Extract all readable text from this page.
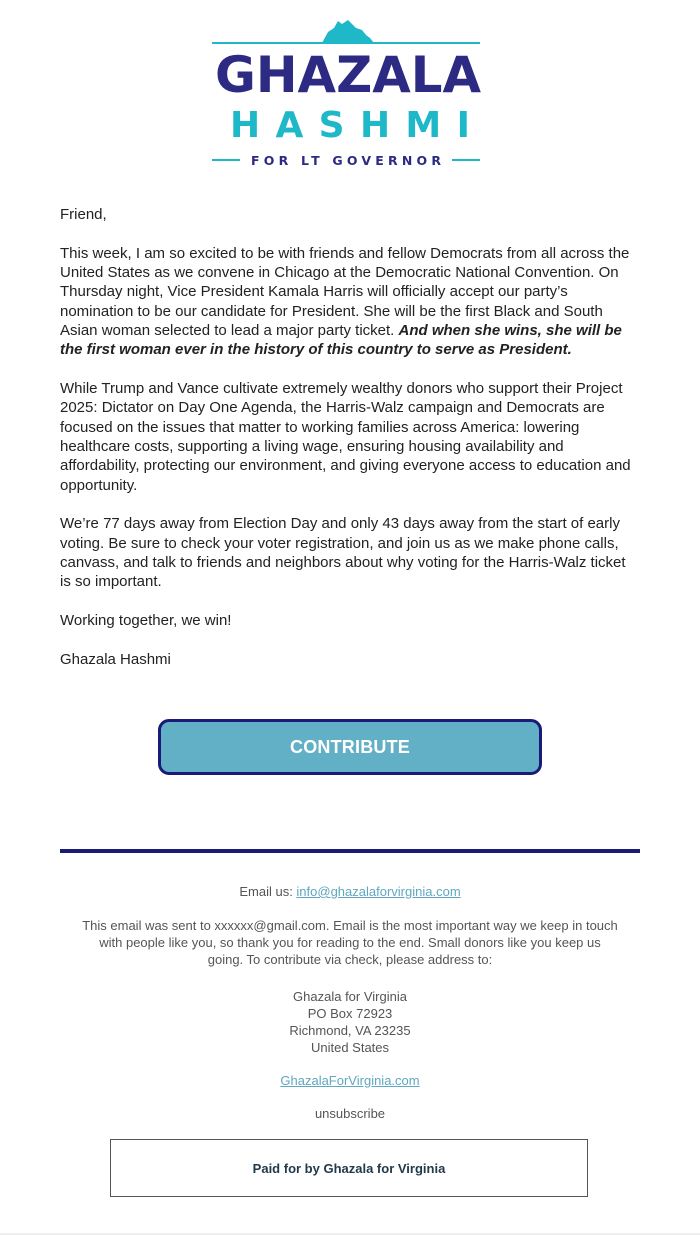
GHAZALA
HASHMI
FOR LT GOVERNOR

Friend,

This week, I am so excited to be with friends and fellow Democrats from all across the United States as we convene in Chicago at the Democratic National Convention. On Thursday night, Vice President Kamala Harris will officially accept our party’s nomination to be our candidate for President. She will be the first Black and South Asian woman selected to lead a major party ticket. And when she wins, she will be the first woman ever in the history of this country to serve as President.

While Trump and Vance cultivate extremely wealthy donors who support their Project 2025: Dictator on Day One Agenda, the Harris-Walz campaign and Democrats are focused on the issues that matter to working families across America: lowering healthcare costs, supporting a living wage, ensuring housing availability and affordability, protecting our environment, and giving everyone access to education and opportunity.

We’re 77 days away from Election Day and only 43 days away from the start of early voting. Be sure to check your voter registration, and join us as we make phone calls, canvass, and talk to friends and neighbors about why voting for the Harris-Walz ticket is so important.

Working together, we win!

Ghazala Hashmi

CONTRIBUTE

Email us: info@ghazalaforvirginia.com

This email was sent to xxxxxx@gmail.com. Email is the most important way we keep in touch with people like you, so thank you for reading to the end. Small donors like you keep us going. To contribute via check, please address to:

Ghazala for Virginia
PO Box 72923
Richmond, VA 23235
United States

GhazalaForVirginia.com

unsubscribe

Paid for by Ghazala for Virginia
